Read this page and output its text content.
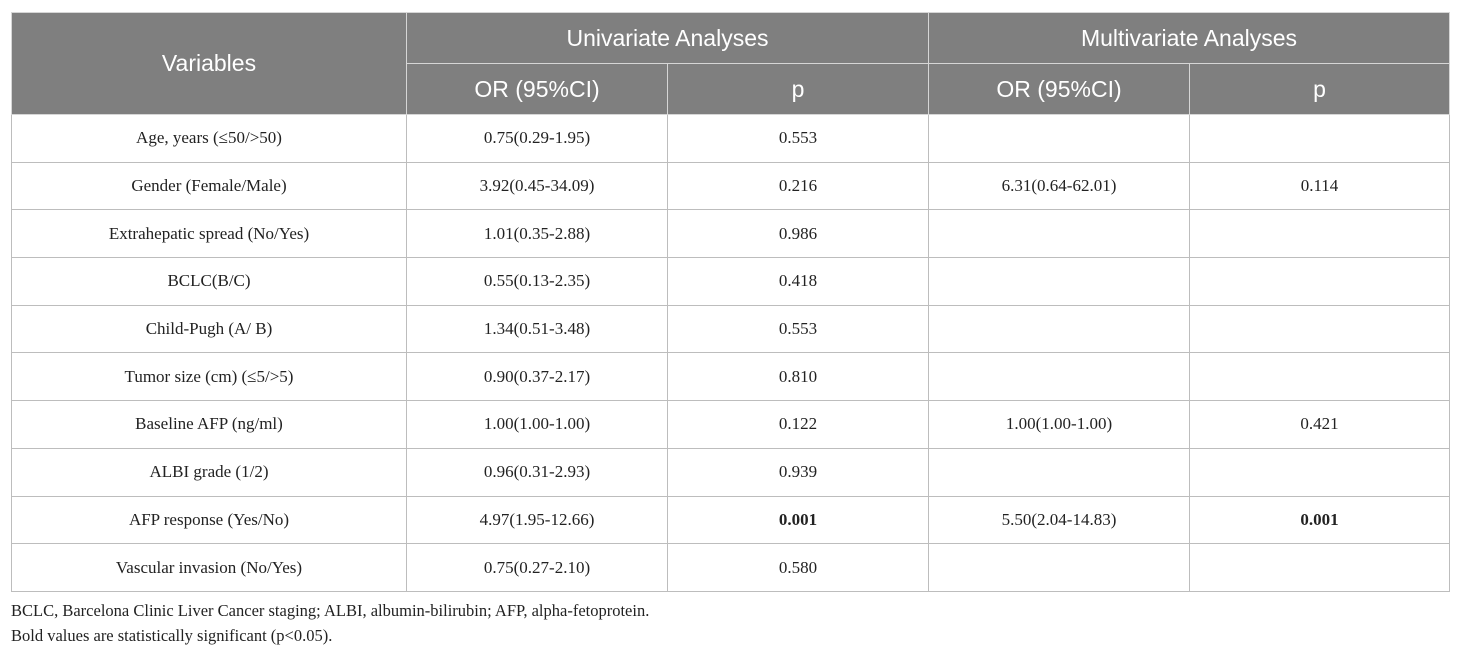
Variables	Univariate Analyses		Multivariate Analyses	
	OR (95%CI)	p	OR (95%CI)	p
Age, years (≤50/>50)	0.75(0.29-1.95)	0.553		
Gender (Female/Male)	3.92(0.45-34.09)	0.216	6.31(0.64-62.01)	0.114
Extrahepatic spread (No/Yes)	1.01(0.35-2.88)	0.986		
BCLC(B/C)	0.55(0.13-2.35)	0.418		
Child-Pugh (A/ B)	1.34(0.51-3.48)	0.553		
Tumor size (cm) (≤5/>5)	0.90(0.37-2.17)	0.810		
Baseline AFP (ng/ml)	1.00(1.00-1.00)	0.122	1.00(1.00-1.00)	0.421
ALBI grade (1/2)	0.96(0.31-2.93)	0.939		
AFP response (Yes/No)	4.97(1.95-12.66)	0.001	5.50(2.04-14.83)	0.001
Vascular invasion (No/Yes)	0.75(0.27-2.10)	0.580		
BCLC, Barcelona Clinic Liver Cancer staging; ALBI, albumin-bilirubin; AFP, alpha-fetoprotein.
Bold values are statistically significant (p<0.05).
